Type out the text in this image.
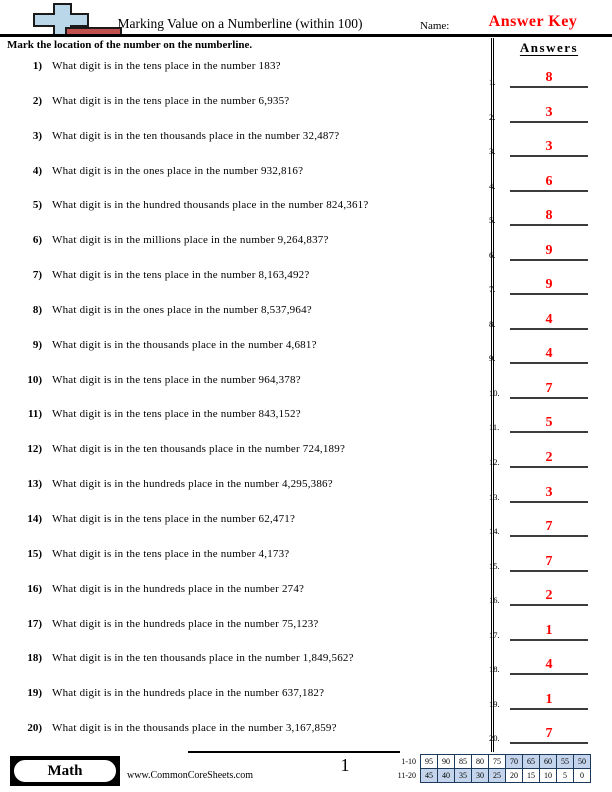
Marking Value on a Numberline (within 100)	Name:	Answer Key
Mark the location of the number on the numberline.	Answers
1) What digit is in the tens place in the number 183?
2) What digit is in the tens place in the number 6,935?
3) What digit is in the ten thousands place in the number 32,487?
4) What digit is in the ones place in the number 932,816?
5) What digit is in the hundred thousands place in the number 824,361?
6) What digit is in the millions place in the number 9,264,837?
7) What digit is in the tens place in the number 8,163,492?
8) What digit is in the ones place in the number 8,537,964?
9) What digit is in the thousands place in the number 4,681?
10) What digit is in the tens place in the number 964,378?
11) What digit is in the tens place in the number 843,152?
12) What digit is in the ten thousands place in the number 724,189?
13) What digit is in the hundreds place in the number 4,295,386?
14) What digit is in the tens place in the number 62,471?
15) What digit is in the tens place in the number 4,173?
16) What digit is in the hundreds place in the number 274?
17) What digit is in the hundreds place in the number 75,123?
18) What digit is in the ten thousands place in the number 1,849,562?
19) What digit is in the hundreds place in the number 637,182?
20) What digit is in the thousands place in the number 3,167,859?
1.	8
2.	3
3.	3
4.	6
5.	8
6.	9
7.	9
8.	4
9.	4
10.	7
11.	5
12.	2
13.	3
14.	7
15.	7
16.	2
17.	1
18.	4
19.	1
20.	7
Math	www.CommonCoreSheets.com
1	1-10	95	90	85	80	75	70	65	60	55	50
11-20	45	40	35	30	25	20	15	10	5	0
